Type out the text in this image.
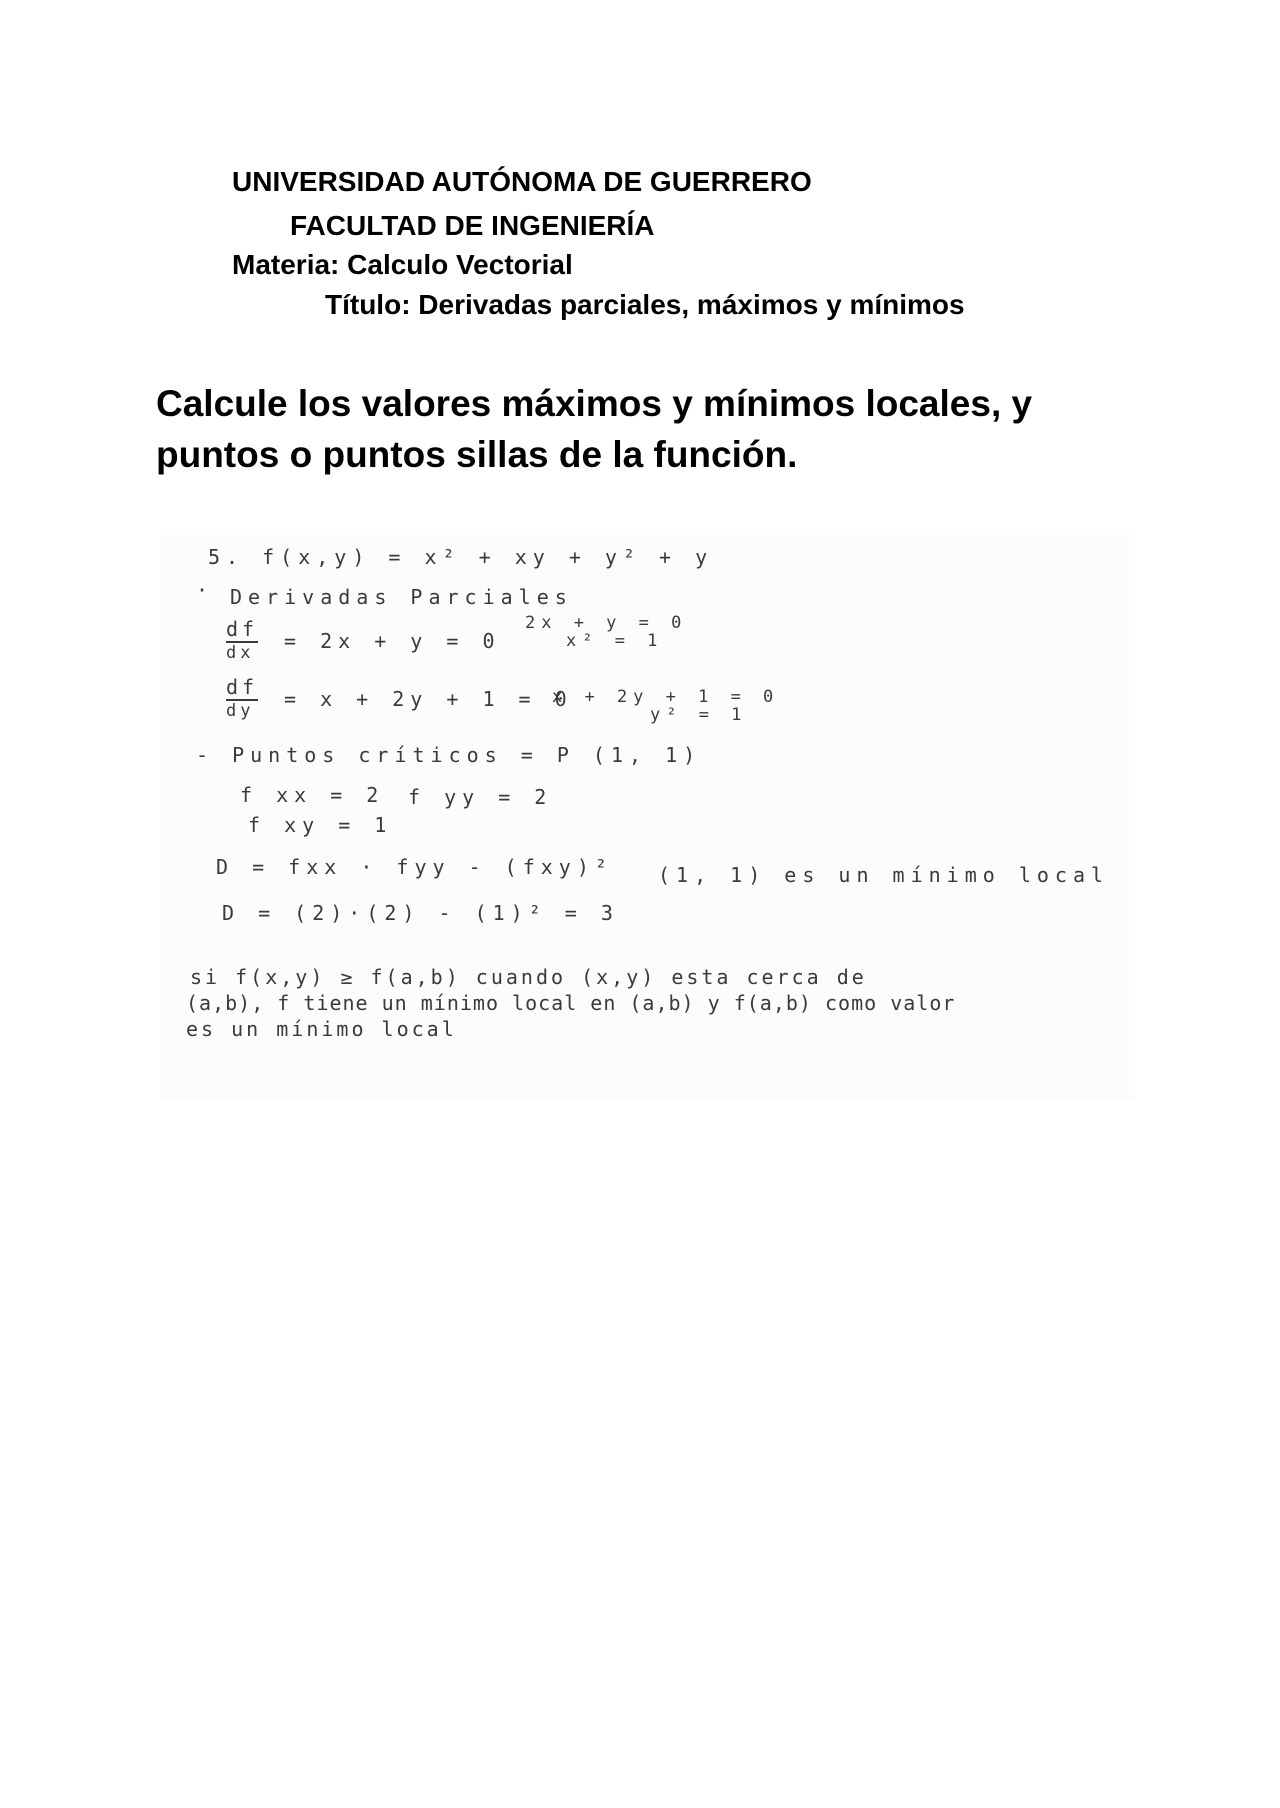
UNIVERSIDAD AUTÓNOMA DE GUERRERO
FACULTAD DE INGENIERÍA
Materia: Calculo Vectorial
Título: Derivadas parciales, máximos y mínimos

Calcule los valores máximos y mínimos locales, y puntos o puntos sillas de la función.

5. f(x,y) = x² + xy + y² + y
· Derivadas Parciales
$\frac{df}{dx} = 2x + y = 0$
2x + y = 0
x² = 1
$\frac{df}{dy} = x + 2y + 1 = 0$
x + 2y + 1 = 0
y² = 1
- Puntos críticos = P (1, 1)
f xx = 2 f yy = 2
f xy = 1
D = fxx · fyy - (fxy)² (1, 1) es un mínimo local
D = (2)·(2) - (1)² = 3
si f(x,y) ≥ f(a,b) cuando (x,y) esta cerca de
(a,b), f tiene un mínimo local en (a,b) y f(a,b) como valor
es un mínimo local
